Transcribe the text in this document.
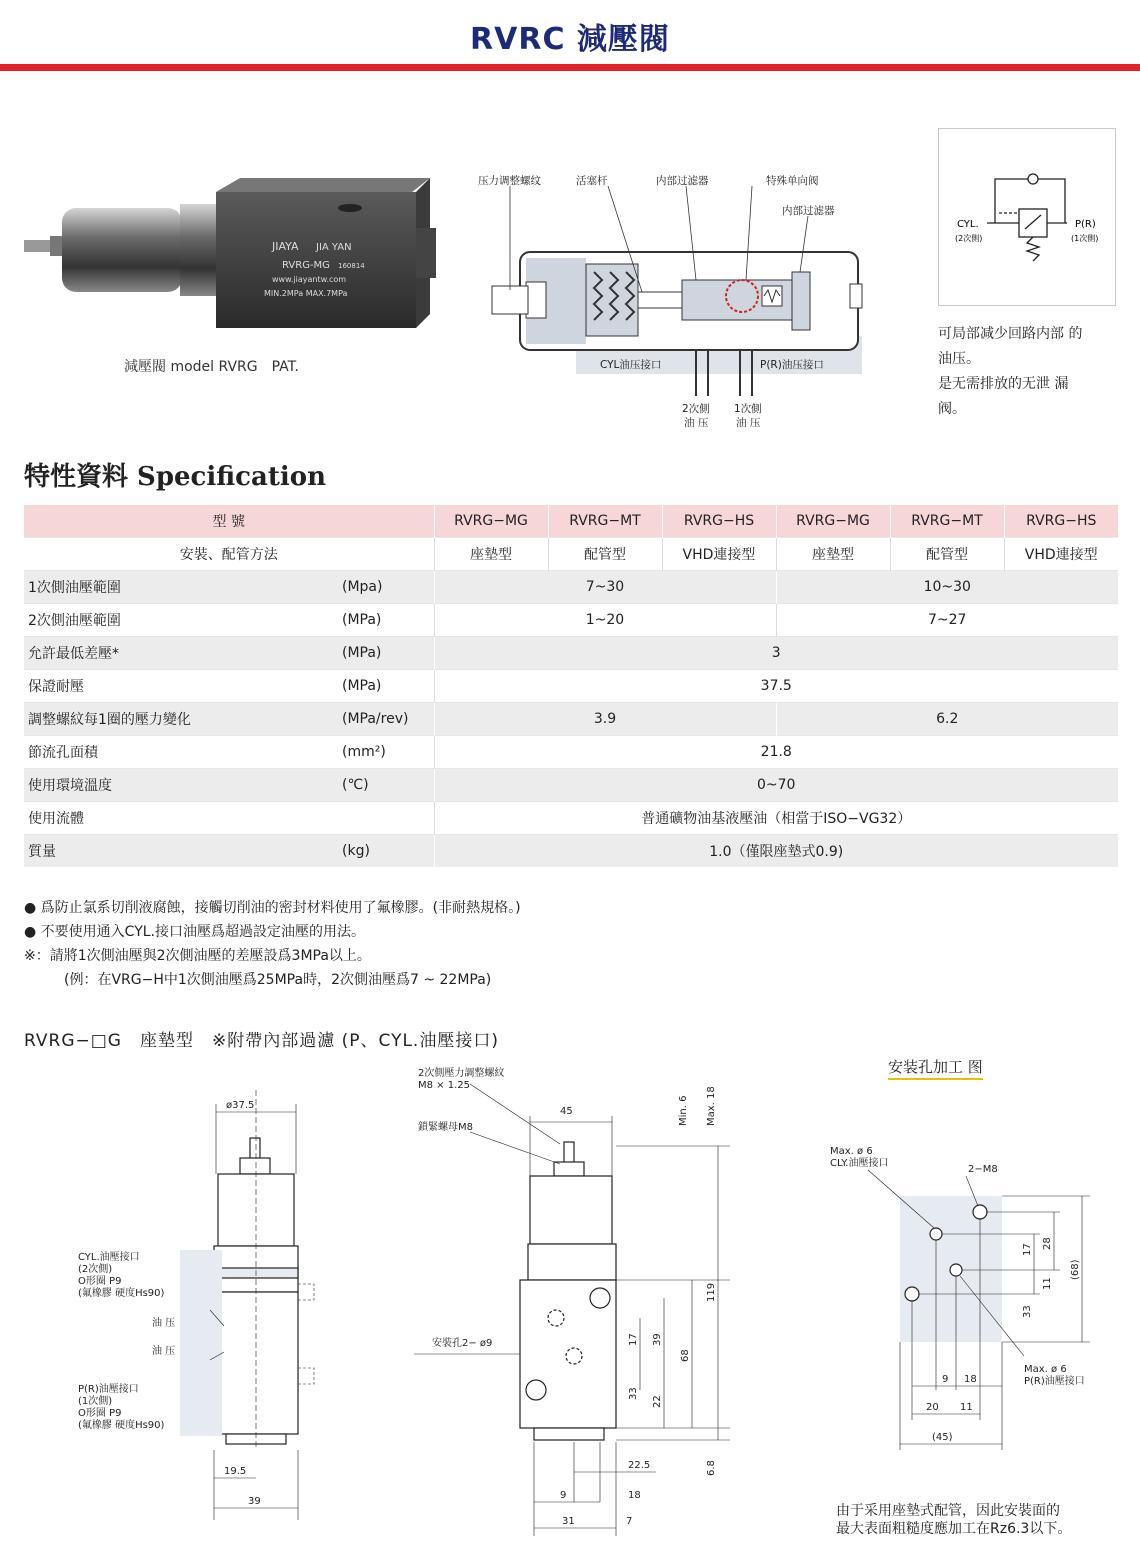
RVRC 減壓閥
JIAYA JIA YAN
RVRG-MG 160814
www.jiayantw.com
MIN.2MPa MAX.7MPa
減壓閥 model RVRG　PAT.
压力调整螺纹	活塞杆	内部过滤器	特殊单向阀
内部过滤器
CYL油压接口	P(R)油压接口
2次側
油 压
1次側
油 压
CYL.
(2次側)
P(R)
(1次側)
可局部减少回路内部 的
油压。
是无需排放的无泄 漏
阀。
特性資料 Specification
型 號		RVRG−MG	RVRG−MT	RVRG−HS	RVRG−MG	RVRG−MT	RVRG−HS
安裝、配管方法		座墊型	配管型	VHD連接型	座墊型	配管型	VHD連接型
1次側油壓範圍	(Mpa)	7~30			10~30		
2次側油壓範圍	(MPa)	1~20			7~27		
允許最低差壓*	(MPa)	3					
保證耐壓	(MPa)	37.5					
調整螺紋每1圈的壓力變化	(MPa/rev)	3.9			6.2		
節流孔面積	(mm²)	21.8					
使用環境溫度	(℃)	0~70					
使用流體		普通礦物油基液壓油（相當于ISO−VG32）					
質量	(kg)	1.0（僅限座墊式0.9)					
● 爲防止氯系切削液腐蝕，接觸切削油的密封材料使用了氟橡膠。(非耐熱規格。)
● 不要使用通入CYL.接口油壓爲超過設定油壓的用法。
※：請將1次側油壓與2次側油壓的差壓設爲3MPa以上。
(例：在VRG−H中1次側油壓爲25MPa時，2次側油壓爲7 ~ 22MPa)
RVRG−□G　座墊型　※附帶內部過濾 (P、CYL.油壓接口)
ø37.5
CYL.油壓接口
(2次側)
O形圈 P9
(氟橡膠 硬度Hs90)
油 压
油 压
P(R)油壓接口
(1次側)
O形圈 P9
(氟橡膠 硬度Hs90)
19.5
39
2次側壓力調整螺紋
M8 × 1.25
鎖緊螺母M8
45	Min. 6 Max. 18
安裝孔2− ø9
119
68
39
17
33
22
22.5	6.8
9	18
31	7
安装孔加工 图
Max. ø 6
CLY.油壓接口
2−M8
Max. ø 6
P(R)油壓接口
17 28
11
(68)
33
9 18
20 11
(45)
由于采用座墊式配管，因此安裝面的
最大表面粗糙度應加工在Rz6.3以下。
